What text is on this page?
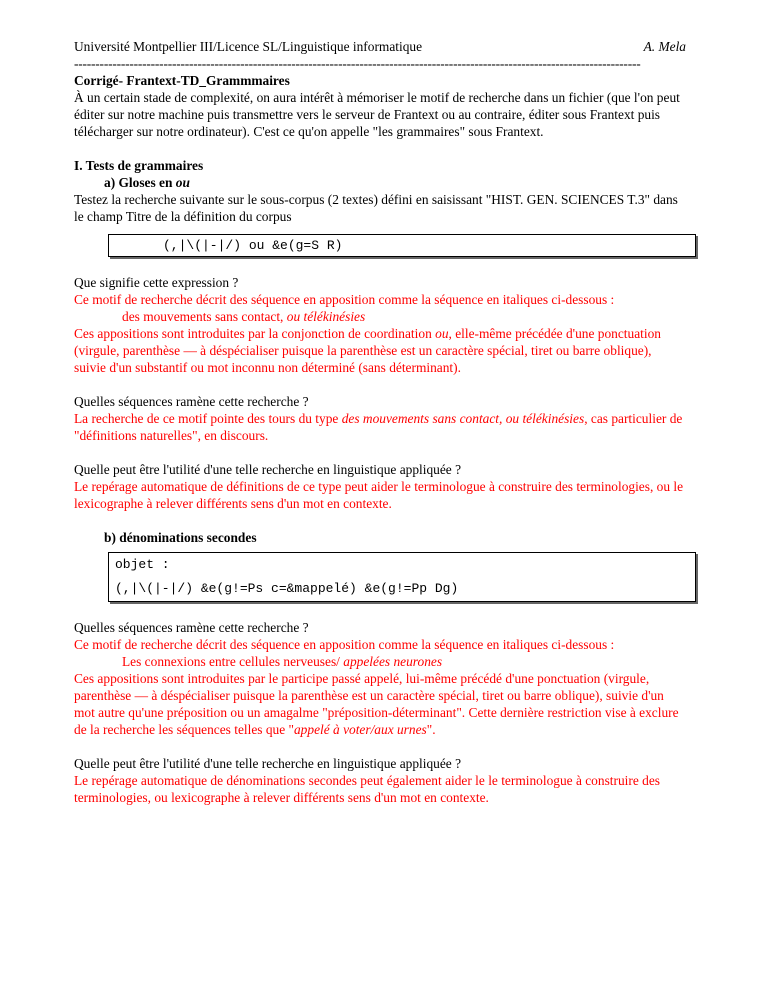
Université Montpellier III/Licence SL/Linguistique informatique	A. Mela
-------------------------------------------------------------------------------------------------------------------------------------
Corrigé- Frantext-TD_Grammmaires
À un certain stade de complexité, on aura intérêt à mémoriser le motif de recherche dans un fichier (que l'on peut éditer sur notre machine puis transmettre vers le serveur de Frantext ou au contraire, éditer sous Frantext puis télécharger sur notre ordinateur). C'est ce qu'on appelle "les grammaires" sous Frantext.
I. Tests de grammaires
a) Gloses en ou
Testez la recherche suivante sur le sous-corpus (2 textes) défini en saisissant "HIST. GEN. SCIENCES T.3" dans le champ Titre de la définition du corpus
(,|\(|-|/) ou &e(g=S R)
Que signifie cette expression ?
Ce motif de recherche décrit des séquence en apposition comme la séquence en italiques ci-dessous :
des mouvements sans contact, ou télékinésies
Ces appositions sont introduites par la conjonction de coordination ou, elle-même précédée d'une ponctuation (virgule, parenthèse — à déspécialiser puisque la parenthèse est un caractère spécial, tiret ou barre oblique), suivie d'un substantif ou mot inconnu non déterminé (sans déterminant).
Quelles séquences ramène cette recherche ?
La recherche de ce motif pointe des tours du type des mouvements sans contact, ou télékinésies, cas particulier de "définitions naturelles", en discours.
Quelle peut être l'utilité d'une telle recherche en linguistique appliquée ?
Le repérage automatique de définitions de ce type peut aider le terminologue à construire des terminologies, ou le lexicographe à relever différents sens d'un mot en contexte.
b) dénominations secondes
objet :
(,|\(|-|/) &e(g!=Ps c=&mappelé) &e(g!=Pp Dg)
Quelles séquences ramène cette recherche ?
Ce motif de recherche décrit des séquence en apposition comme la séquence en italiques ci-dessous :
Les connexions entre cellules nerveuses/ appelées neurones
Ces appositions sont introduites par le participe passé appelé, lui-même précédé d'une ponctuation (virgule, parenthèse — à déspécialiser puisque la parenthèse est un caractère spécial, tiret ou barre oblique), suivie d'un mot autre qu'une préposition ou un amagalme "préposition-déterminant". Cette dernière restriction vise à exclure de la recherche les séquences telles que "appelé à voter/aux urnes".
Quelle peut être l'utilité d'une telle recherche en linguistique appliquée ?
Le repérage automatique de dénominations secondes peut également aider le le terminologue à construire des terminologies, ou lexicographe à relever différents sens d'un mot en contexte.
